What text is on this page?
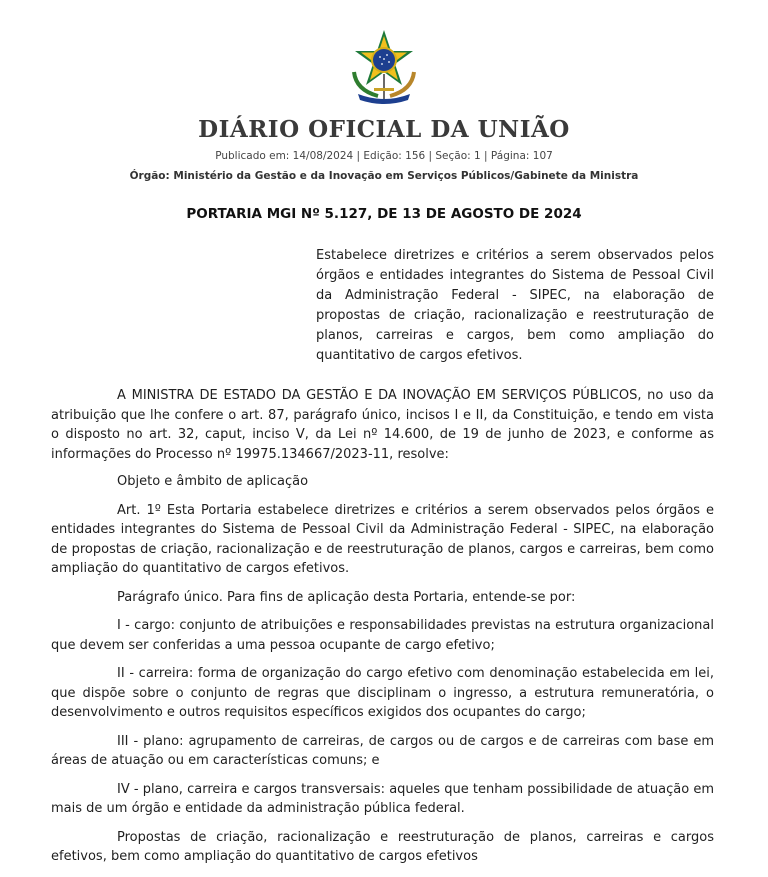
DIÁRIO OFICIAL DA UNIÃO
Publicado em: 14/08/2024 | Edição: 156 | Seção: 1 | Página: 107
Órgão: Ministério da Gestão e da Inovação em Serviços Públicos/Gabinete da Ministra
PORTARIA MGI Nº 5.127, DE 13 DE AGOSTO DE 2024
Estabelece diretrizes e critérios a serem observados pelos órgãos e entidades integrantes do Sistema de Pessoal Civil da Administração Federal - SIPEC, na elaboração de propostas de criação, racionalização e reestruturação de planos, carreiras e cargos, bem como ampliação do quantitativo de cargos efetivos.

A MINISTRA DE ESTADO DA GESTÃO E DA INOVAÇÃO EM SERVIÇOS PÚBLICOS, no uso da atribuição que lhe confere o art. 87, parágrafo único, incisos I e II, da Constituição, e tendo em vista o disposto no art. 32, caput, inciso V, da Lei nº 14.600, de 19 de junho de 2023, e conforme as informações do Processo nº 19975.134667/2023-11, resolve:

Objeto e âmbito de aplicação

Art. 1º Esta Portaria estabelece diretrizes e critérios a serem observados pelos órgãos e entidades integrantes do Sistema de Pessoal Civil da Administração Federal - SIPEC, na elaboração de propostas de criação, racionalização e de reestruturação de planos, cargos e carreiras, bem como ampliação do quantitativo de cargos efetivos.

Parágrafo único. Para fins de aplicação desta Portaria, entende-se por:

I - cargo: conjunto de atribuições e responsabilidades previstas na estrutura organizacional que devem ser conferidas a uma pessoa ocupante de cargo efetivo;

II - carreira: forma de organização do cargo efetivo com denominação estabelecida em lei, que dispõe sobre o conjunto de regras que disciplinam o ingresso, a estrutura remuneratória, o desenvolvimento e outros requisitos específicos exigidos dos ocupantes do cargo;

III - plano: agrupamento de carreiras, de cargos ou de cargos e de carreiras com base em áreas de atuação ou em características comuns; e

IV - plano, carreira e cargos transversais: aqueles que tenham possibilidade de atuação em mais de um órgão e entidade da administração pública federal.

Propostas de criação, racionalização e reestruturação de planos, carreiras e cargos efetivos, bem como ampliação do quantitativo de cargos efetivos
